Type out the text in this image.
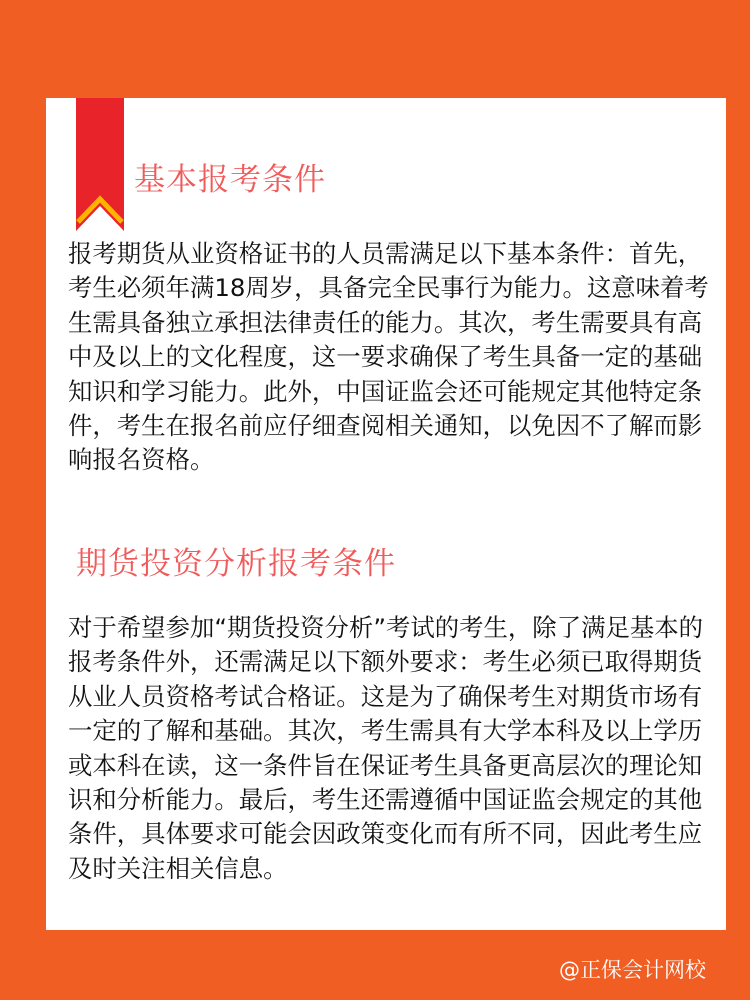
基本报考条件

报考期货从业资格证书的人员需满足以下基本条件：首先，考生必须年满18周岁，具备完全民事行为能力。这意味着考生需具备独立承担法律责任的能力。其次，考生需要具有高中及以上的文化程度，这一要求确保了考生具备一定的基础知识和学习能力。此外，中国证监会还可能规定其他特定条件，考生在报名前应仔细查阅相关通知，以免因不了解而影响报名资格。

期货投资分析报考条件

对于希望参加“期货投资分析”考试的考生，除了满足基本的报考条件外，还需满足以下额外要求：考生必须已取得期货从业人员资格考试合格证。这是为了确保考生对期货市场有一定的了解和基础。其次，考生需具有大学本科及以上学历或本科在读，这一条件旨在保证考生具备更高层次的理论知识和分析能力。最后，考生还需遵循中国证监会规定的其他条件，具体要求可能会因政策变化而有所不同，因此考生应及时关注相关信息。

@正保会计网校
